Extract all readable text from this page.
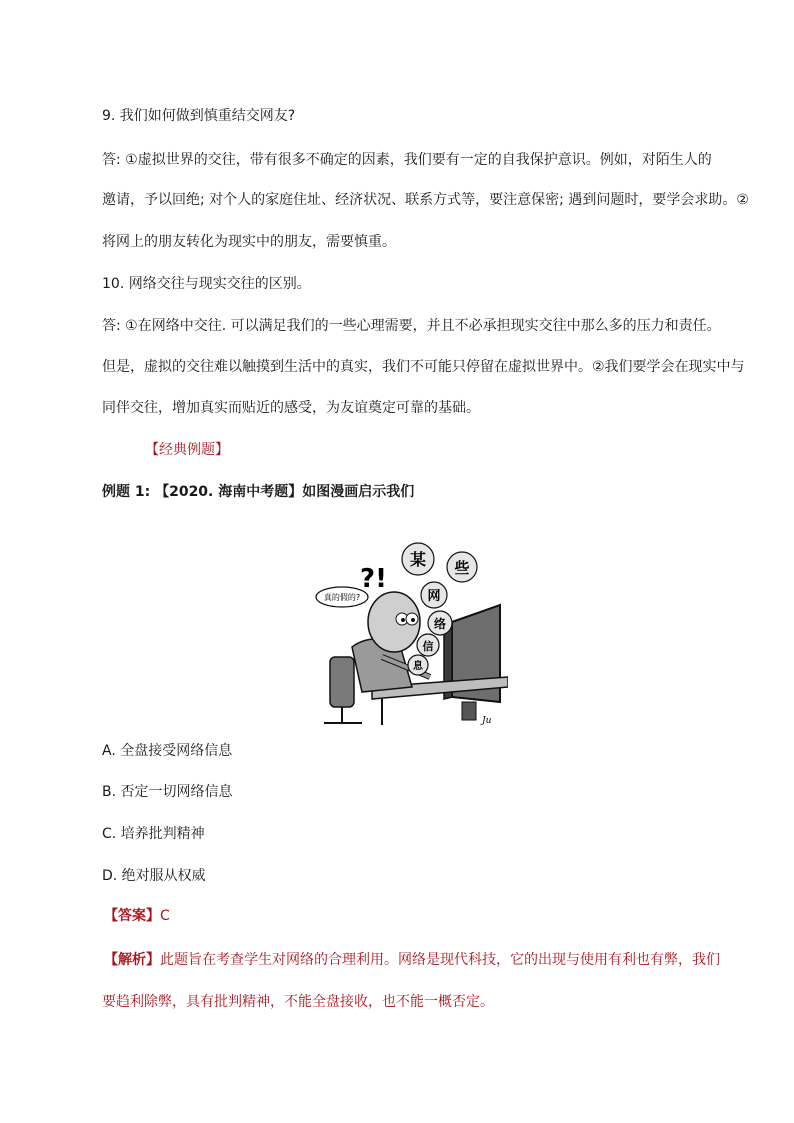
9. 我们如何做到慎重结交网友?
答: ①虚拟世界的交往，带有很多不确定的因素，我们要有一定的自我保护意识。例如，对陌生人的
邀请，予以回绝; 对个人的家庭住址、经济状况、联系方式等，要注意保密; 遇到问题时，要学会求助。②
将网上的朋友转化为现实中的朋友，需要慎重。
10. 网络交往与现实交往的区别。
答: ①在网络中交往. 可以满足我们的一些心理需要，并且不必承担现实交往中那么多的压力和责任。
但是，虚拟的交往难以触摸到生活中的真实，我们不可能只停留在虚拟世界中。②我们要学会在现实中与
同伴交往，增加真实而贴近的感受，为友谊奠定可靠的基础。
【经典例题】
例题 1: 【2020. 海南中考题】如图漫画启示我们
真的假的?
?!
某 些
网
络
信
息
Ju
A. 全盘接受网络信息
B. 否定一切网络信息
C. 培养批判精神
D. 绝对服从权威
【答案】C
【解析】此题旨在考查学生对网络的合理利用。网络是现代科技，它的出现与使用有利也有弊，我们
要趋利除弊，具有批判精神，不能全盘接收，也不能一概否定。
